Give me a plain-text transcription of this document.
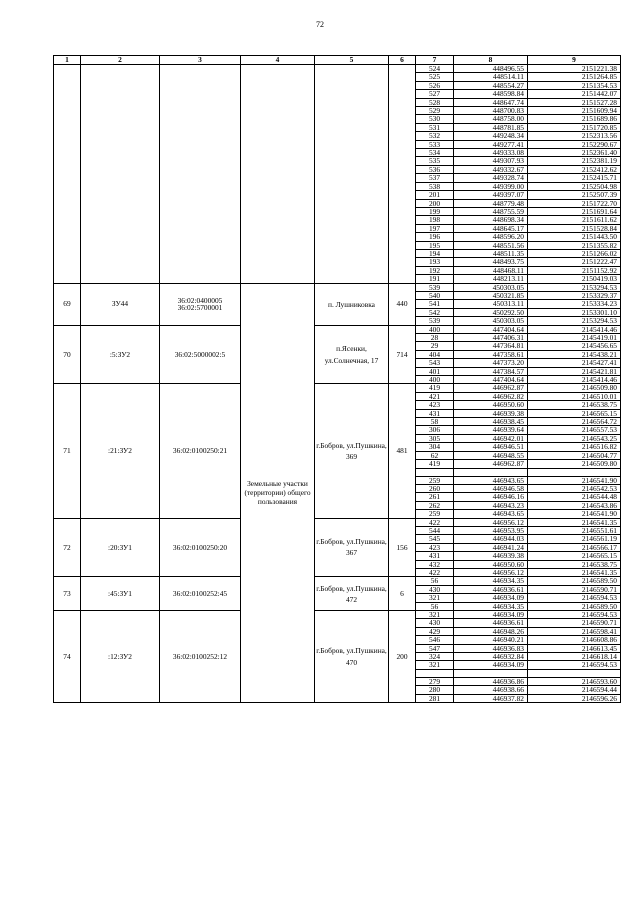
72
1	2	3	4	5	6	7	8	9
						524	448496.55	2151221.38
						525	448514.11	2151264.85
						526	448554.27	2151354.53
						527	448598.84	2151442.07
						528	448647.74	2151527.28
						529	448700.83	2151609.94
						530	448758.00	2151689.86
						531	448781.85	2151720.85
						532	449248.34	2152313.56
						533	449277.41	2152290.67
						534	449333.08	2152361.40
						535	449307.93	2152381.19
						536	449332.67	2152412.62
						537	449328.74	2152415.71
						538	449399.00	2152504.98
						201	449397.07	2152507.39
						200	448779.48	2151722.70
						199	448755.59	2151691.64
						198	448698.34	2151611.62
						197	448645.17	2151528.84
						196	448596.20	2151443.50
						195	448551.56	2151355.82
						194	448511.35	2151266.02
						193	448493.75	2151222.47
						192	448468.11	2151152.92
						191	448213.11	2150419.03
69	ЗУ44	36:02:0400005 36:02:5700001	Земельные участки (территории) общего пользования	п. Лушниковка	440	539	450303.05	2153294.53
						540	450321.85	2153329.37
						541	450313.11	2153334.23
						542	450292.50	2153301.10
						539	450303.05	2153294.53
70	:5:ЗУ2	36:02:5000002:5		п.Ясенки, ул.Солнечная, 17	714	400	447404.64	2145414.46
						28	447406.31	2145419.01
						29	447364.81	2145456.65
						404	447358.61	2145438.21
						543	447373.20	2145427.41
						401	447384.57	2145421.81
						400	447404.64	2145414.46
71	:21:ЗУ2	36:02:0100250:21		г.Бобров, ул.Пушкина, 369	481	419	446962.87	2146509.80
						421	446962.82	2146510.01
						423	446950.60	2146538.75
						431	446939.38	2146565.15
						58	446938.45	2146564.72
						306	446939.64	2146557.53
						305	446942.01	2146543.25
						304	446946.51	2146516.82
						62	446948.55	2146504.77
						419	446962.87	2146509.80

						259	446943.65	2146541.90
						260	446946.58	2146542.53
						261	446946.16	2146544.48
						262	446943.23	2146543.86
						259	446943.65	2146541.90
72	:20:ЗУ1	36:02:0100250:20		г.Бобров, ул.Пушкина, 367	156	422	446956.12	2146541.35
						544	446953.95	2146551.61
						545	446944.03	2146561.19
						423	446941.24	2146566.17
						431	446939.38	2146565.15
						432	446950.60	2146538.75
						422	446956.12	2146541.35
73	:45:ЗУ1	36:02:0100252:45		г.Бобров, ул.Пушкина, 472	6	56	446934.35	2146589.50
						430	446936.61	2146590.71
						321	446934.09	2146594.53
						56	446934.35	2146589.50
74	:12:ЗУ2	36:02:0100252:12		г.Бобров, ул.Пушкина, 470	200	321	446934.09	2146594.53
						430	446936.61	2146590.71
						429	446948.26	2146598.41
						546	446940.21	2146608.86
						547	446936.83	2146613.45
						324	446932.84	2146618.14
						321	446934.09	2146594.53

						279	446936.86	2146593.60
						280	446938.66	2146594.44
						281	446937.82	2146596.26
